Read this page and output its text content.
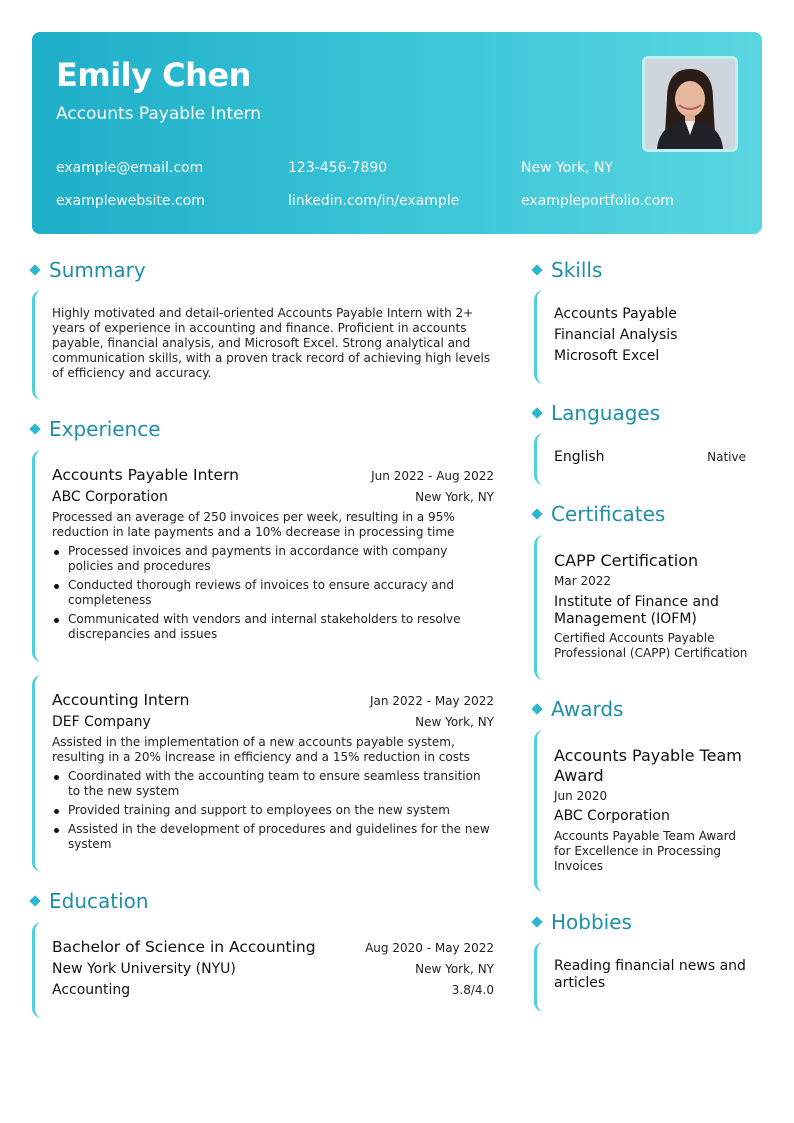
Emily Chen
Accounts Payable Intern
example@email.com	123-456-7890	New York, NY
examplewebsite.com	linkedin.com/in/example	exampleportfolio.com
Summary
Highly motivated and detail-oriented Accounts Payable Intern with 2+ years of experience in accounting and finance. Proficient in accounts payable, financial analysis, and Microsoft Excel. Strong analytical and communication skills, with a proven track record of achieving high levels of efficiency and accuracy.
Experience
Accounts Payable Intern	Jun 2022 - Aug 2022
ABC Corporation	New York, NY
Processed an average of 250 invoices per week, resulting in a 95% reduction in late payments and a 10% decrease in processing time
Processed invoices and payments in accordance with company policies and procedures
Conducted thorough reviews of invoices to ensure accuracy and completeness
Communicated with vendors and internal stakeholders to resolve discrepancies and issues
Accounting Intern	Jan 2022 - May 2022
DEF Company	New York, NY
Assisted in the implementation of a new accounts payable system, resulting in a 20% increase in efficiency and a 15% reduction in costs
Coordinated with the accounting team to ensure seamless transition to the new system
Provided training and support to employees on the new system
Assisted in the development of procedures and guidelines for the new system
Education
Bachelor of Science in Accounting	Aug 2020 - May 2022
New York University (NYU)	New York, NY
Accounting	3.8/4.0
Skills
Accounts Payable
Financial Analysis
Microsoft Excel
Languages
English	Native
Certificates
CAPP Certification
Mar 2022
Institute of Finance and Management (IOFM)
Certified Accounts Payable Professional (CAPP) Certification
Awards
Accounts Payable Team Award
Jun 2020
ABC Corporation
Accounts Payable Team Award for Excellence in Processing Invoices
Hobbies
Reading financial news and articles
